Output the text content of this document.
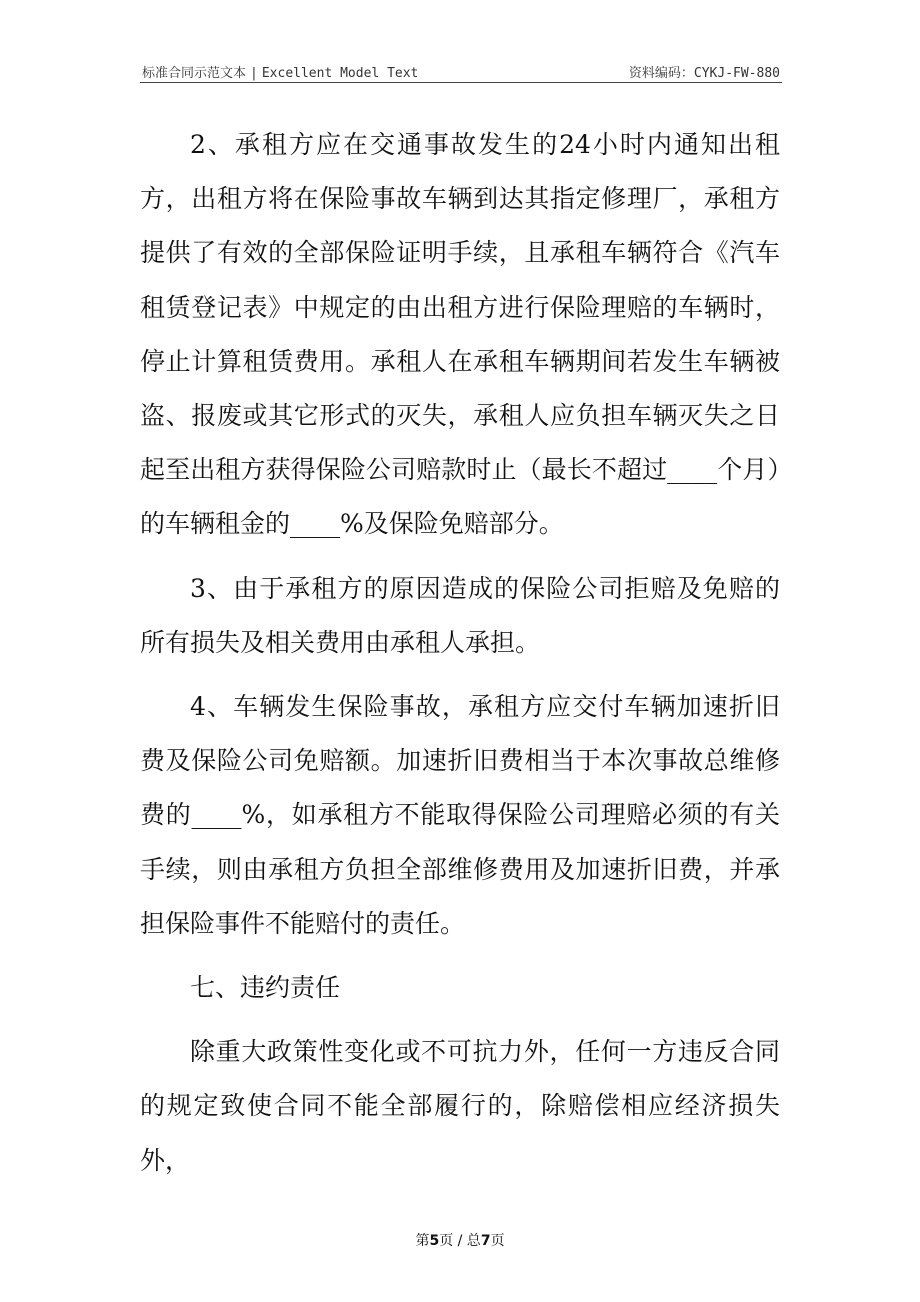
标准合同示范文本 | Excellent Model Text	资料编码：CYKJ-FW-880

2、承租方应在交通事故发生的24小时内通知出租方，出租方将在保险事故车辆到达其指定修理厂，承租方提供了有效的全部保险证明手续，且承租车辆符合《汽车租赁登记表》中规定的由出租方进行保险理赔的车辆时，停止计算租赁费用。承租人在承租车辆期间若发生车辆被盗、报废或其它形式的灭失，承租人应负担车辆灭失之日起至出租方获得保险公司赔款时止（最长不超过____个月）的车辆租金的____%及保险免赔部分。

3、由于承租方的原因造成的保险公司拒赔及免赔的所有损失及相关费用由承租人承担。

4、车辆发生保险事故，承租方应交付车辆加速折旧费及保险公司免赔额。加速折旧费相当于本次事故总维修费的____%，如承租方不能取得保险公司理赔必须的有关手续，则由承租方负担全部维修费用及加速折旧费，并承担保险事件不能赔付的责任。

七、违约责任

除重大政策性变化或不可抗力外，任何一方违反合同的规定致使合同不能全部履行的，除赔偿相应经济损失外，

第5页 / 总7页
